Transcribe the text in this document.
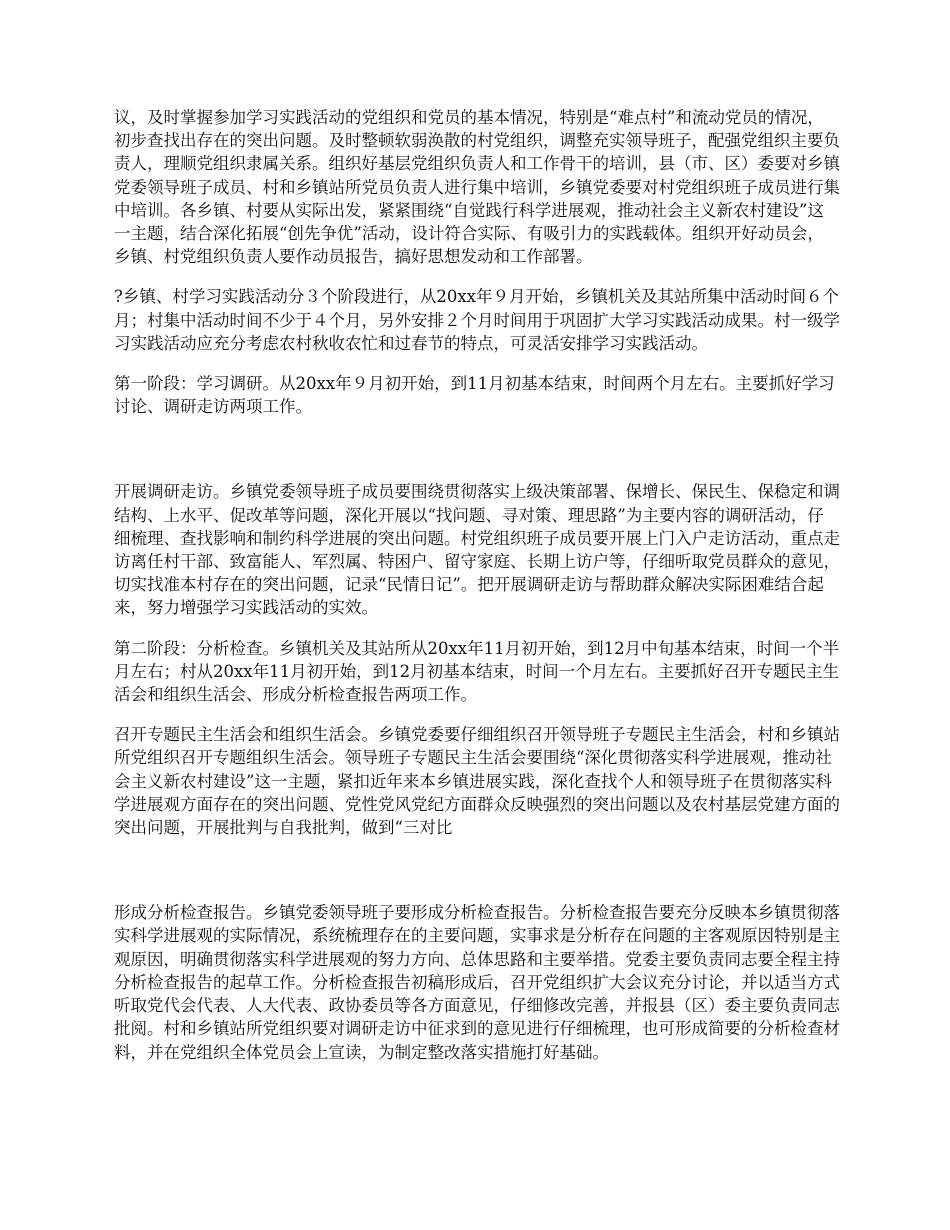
议，及时掌握参加学习实践活动的党组织和党员的基本情况，特别是“难点村”和流动党员的情况，初步查找出存在的突出问题。及时整顿软弱涣散的村党组织，调整充实领导班子，配强党组织主要负责人，理顺党组织隶属关系。组织好基层党组织负责人和工作骨干的培训，县（市、区）委要对乡镇党委领导班子成员、村和乡镇站所党员负责人进行集中培训，乡镇党委要对村党组织班子成员进行集中培训。各乡镇、村要从实际出发，紧紧围绕“自觉践行科学进展观，推动社会主义新农村建设”这一主题，结合深化拓展“创先争优”活动，设计符合实际、有吸引力的实践载体。组织开好动员会，乡镇、村党组织负责人要作动员报告，搞好思想发动和工作部署。

?乡镇、村学习实践活动分３个阶段进行，从20xx年９月开始，乡镇机关及其站所集中活动时间６个月；村集中活动时间不少于４个月，另外安排２个月时间用于巩固扩大学习实践活动成果。村一级学习实践活动应充分考虑农村秋收农忙和过春节的特点，可灵活安排学习实践活动。

第一阶段：学习调研。从20xx年９月初开始，到11月初基本结束，时间两个月左右。主要抓好学习讨论、调研走访两项工作。

开展调研走访。乡镇党委领导班子成员要围绕贯彻落实上级决策部署、保增长、保民生、保稳定和调结构、上水平、促改革等问题，深化开展以“找问题、寻对策、理思路”为主要内容的调研活动，仔细梳理、查找影响和制约科学进展的突出问题。村党组织班子成员要开展上门入户走访活动，重点走访离任村干部、致富能人、军烈属、特困户、留守家庭、长期上访户等，仔细听取党员群众的意见，切实找准本村存在的突出问题，记录“民情日记”。把开展调研走访与帮助群众解决实际困难结合起来，努力增强学习实践活动的实效。

第二阶段：分析检查。乡镇机关及其站所从20xx年11月初开始，到12月中旬基本结束，时间一个半月左右；村从20xx年11月初开始，到12月初基本结束，时间一个月左右。主要抓好召开专题民主生活会和组织生活会、形成分析检查报告两项工作。

召开专题民主生活会和组织生活会。乡镇党委要仔细组织召开领导班子专题民主生活会，村和乡镇站所党组织召开专题组织生活会。领导班子专题民主生活会要围绕“深化贯彻落实科学进展观，推动社会主义新农村建设”这一主题，紧扣近年来本乡镇进展实践，深化查找个人和领导班子在贯彻落实科学进展观方面存在的突出问题、党性党风党纪方面群众反映强烈的突出问题以及农村基层党建方面的突出问题，开展批判与自我批判，做到“三对比

形成分析检查报告。乡镇党委领导班子要形成分析检查报告。分析检查报告要充分反映本乡镇贯彻落实科学进展观的实际情况，系统梳理存在的主要问题，实事求是分析存在问题的主客观原因特别是主观原因，明确贯彻落实科学进展观的努力方向、总体思路和主要举措。党委主要负责同志要全程主持分析检查报告的起草工作。分析检查报告初稿形成后，召开党组织扩大会议充分讨论，并以适当方式听取党代会代表、人大代表、政协委员等各方面意见，仔细修改完善，并报县（区）委主要负责同志批阅。村和乡镇站所党组织要对调研走访中征求到的意见进行仔细梳理，也可形成简要的分析检查材料，并在党组织全体党员会上宣读，为制定整改落实措施打好基础。
